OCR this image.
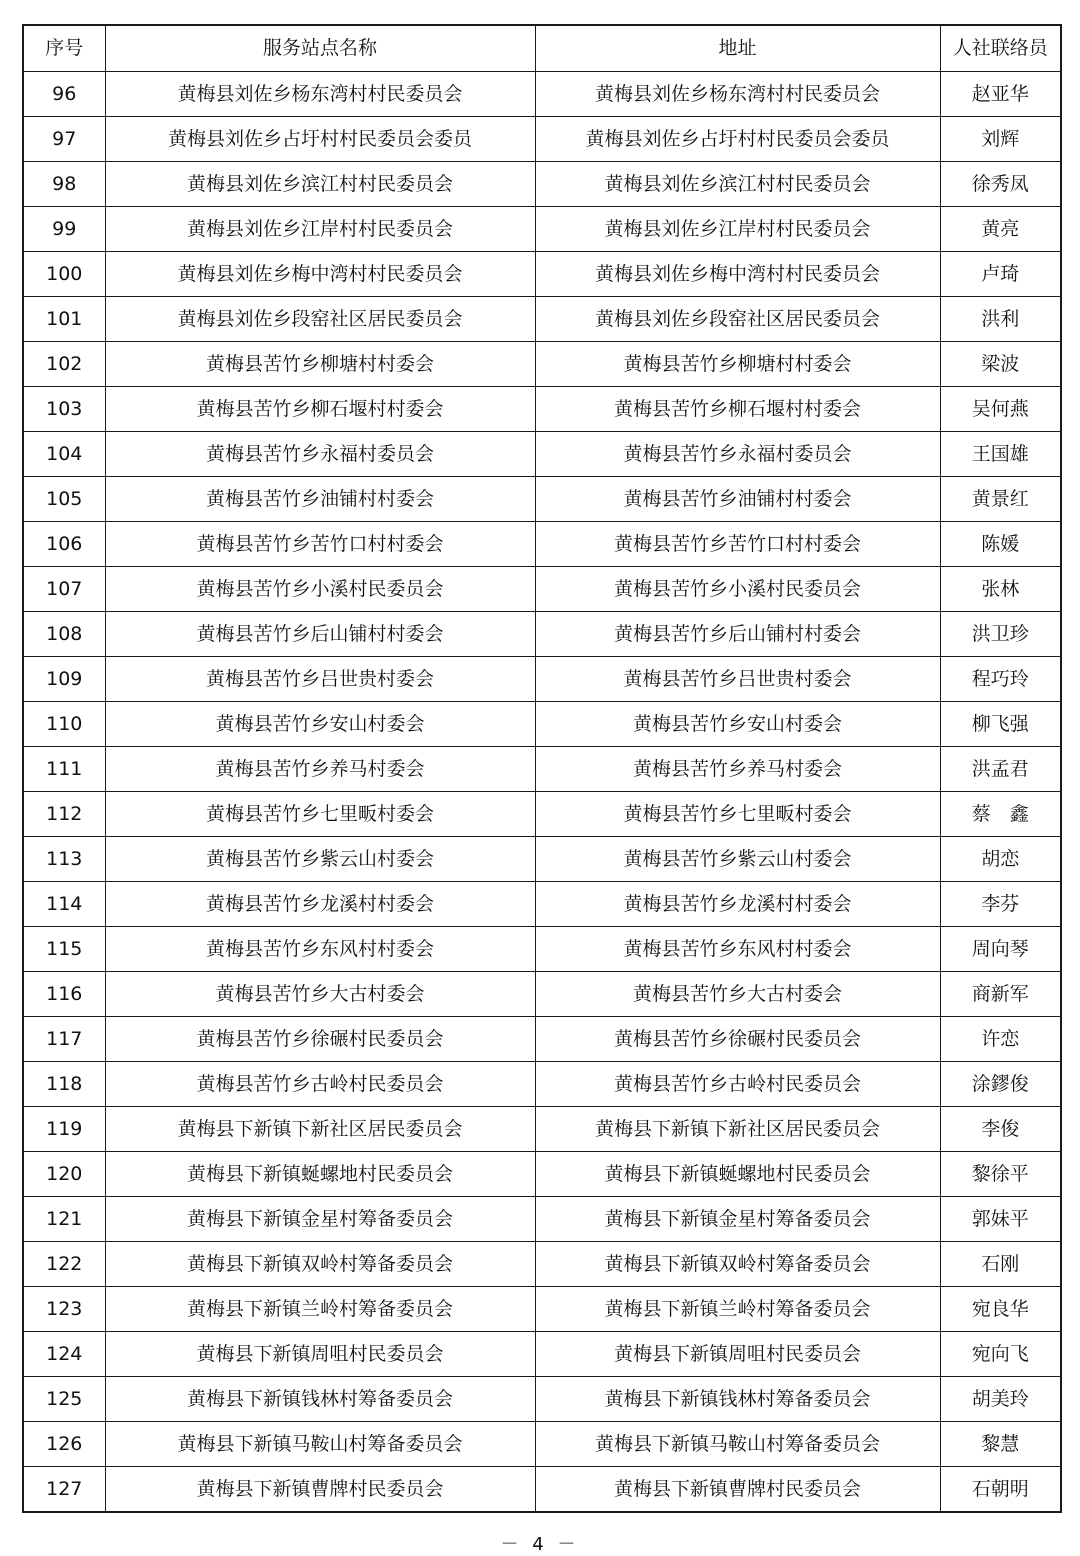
序号	服务站点名称	地址	人社联络员
96	黄梅县刘佐乡杨东湾村村民委员会	黄梅县刘佐乡杨东湾村村民委员会	赵亚华
97	黄梅县刘佐乡占圩村村民委员会委员	黄梅县刘佐乡占圩村村民委员会委员	刘辉
98	黄梅县刘佐乡滨江村村民委员会	黄梅县刘佐乡滨江村村民委员会	徐秀凤
99	黄梅县刘佐乡江岸村村民委员会	黄梅县刘佐乡江岸村村民委员会	黄亮
100	黄梅县刘佐乡梅中湾村村民委员会	黄梅县刘佐乡梅中湾村村民委员会	卢琦
101	黄梅县刘佐乡段窑社区居民委员会	黄梅县刘佐乡段窑社区居民委员会	洪利
102	黄梅县苦竹乡柳塘村村委会	黄梅县苦竹乡柳塘村村委会	梁波
103	黄梅县苦竹乡柳石堰村村委会	黄梅县苦竹乡柳石堰村村委会	吴何燕
104	黄梅县苦竹乡永福村委员会	黄梅县苦竹乡永福村委员会	王国雄
105	黄梅县苦竹乡油铺村村委会	黄梅县苦竹乡油铺村村委会	黄景红
106	黄梅县苦竹乡苦竹口村村委会	黄梅县苦竹乡苦竹口村村委会	陈媛
107	黄梅县苦竹乡小溪村民委员会	黄梅县苦竹乡小溪村民委员会	张林
108	黄梅县苦竹乡后山铺村村委会	黄梅县苦竹乡后山铺村村委会	洪卫珍
109	黄梅县苦竹乡吕世贵村委会	黄梅县苦竹乡吕世贵村委会	程巧玲
110	黄梅县苦竹乡安山村委会	黄梅县苦竹乡安山村委会	柳飞强
111	黄梅县苦竹乡养马村委会	黄梅县苦竹乡养马村委会	洪孟君
112	黄梅县苦竹乡七里畈村委会	黄梅县苦竹乡七里畈村委会	蔡　鑫
113	黄梅县苦竹乡紫云山村委会	黄梅县苦竹乡紫云山村委会	胡恋
114	黄梅县苦竹乡龙溪村村委会	黄梅县苦竹乡龙溪村村委会	李芬
115	黄梅县苦竹乡东风村村委会	黄梅县苦竹乡东风村村委会	周向琴
116	黄梅县苦竹乡大古村委会	黄梅县苦竹乡大古村委会	商新军
117	黄梅县苦竹乡徐碾村民委员会	黄梅县苦竹乡徐碾村民委员会	许恋
118	黄梅县苦竹乡古岭村民委员会	黄梅县苦竹乡古岭村民委员会	涂鏐俊
119	黄梅县下新镇下新社区居民委员会	黄梅县下新镇下新社区居民委员会	李俊
120	黄梅县下新镇蜒螺地村民委员会	黄梅县下新镇蜒螺地村民委员会	黎徐平
121	黄梅县下新镇金星村筹备委员会	黄梅县下新镇金星村筹备委员会	郭妹平
122	黄梅县下新镇双岭村筹备委员会	黄梅县下新镇双岭村筹备委员会	石刚
123	黄梅县下新镇兰岭村筹备委员会	黄梅县下新镇兰岭村筹备委员会	宛良华
124	黄梅县下新镇周咀村民委员会	黄梅县下新镇周咀村民委员会	宛向飞
125	黄梅县下新镇钱林村筹备委员会	黄梅县下新镇钱林村筹备委员会	胡美玲
126	黄梅县下新镇马鞍山村筹备委员会	黄梅县下新镇马鞍山村筹备委员会	黎慧
127	黄梅县下新镇曹牌村民委员会	黄梅县下新镇曹牌村民委员会	石朝明
－ 4 －
